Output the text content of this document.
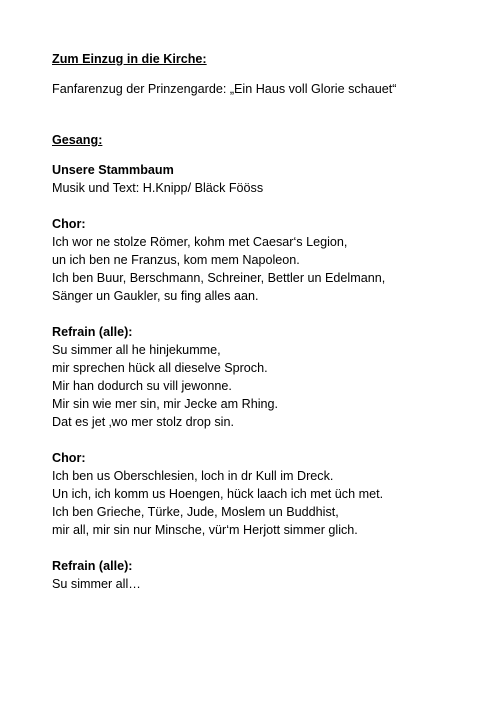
Zum Einzug in die Kirche:
Fanfarenzug der Prinzengarde: „Ein Haus voll Glorie schauet“
Gesang:
Unsere Stammbaum
Musik und Text: H.Knipp/ Bläck Fööss
Chor:
Ich wor ne stolze Römer, kohm met Caesar‘s Legion,
un ich ben ne Franzus, kom mem Napoleon.
Ich ben Buur, Berschmann, Schreiner, Bettler un Edelmann,
Sänger un Gaukler, su fing alles aan.
Refrain (alle):
Su simmer all he hinjekumme,
mir sprechen hück all dieselve Sproch.
Mir han dodurch su vill jewonne.
Mir sin wie mer sin, mir Jecke am Rhing.
Dat es jet ‚wo mer stolz drop sin.
Chor:
Ich ben us Oberschlesien, loch in dr Kull im Dreck.
Un ich, ich komm us Hoengen, hück laach ich met üch met.
Ich ben Grieche, Türke, Jude, Moslem un Buddhist,
mir all, mir sin nur Minsche, vür‘m Herjott simmer glich.
Refrain (alle):
Su simmer all…
